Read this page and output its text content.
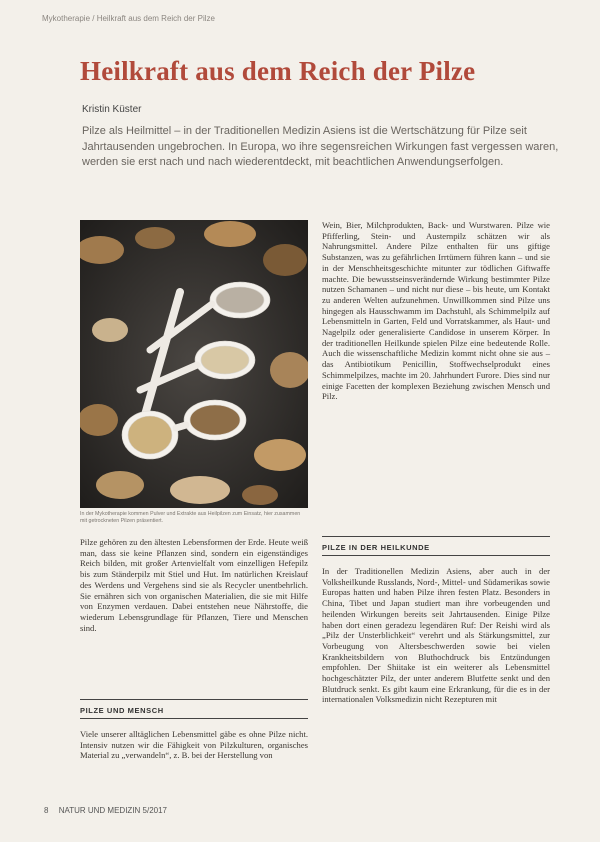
Mykotherapie / Heilkraft aus dem Reich der Pilze
Heilkraft aus dem Reich der Pilze
Kristin Küster

Pilze als Heilmittel – in der Traditionellen Medizin Asiens ist die Wertschätzung für Pilze seit Jahrtausenden ungebrochen. In Europa, wo ihre segensreichen Wirkungen fast vergessen waren, werden sie erst nach und nach wiederentdeckt, mit beachtlichen Anwendungserfolgen.

In der Mykotherapie kommen Pulver und Extrakte aus Heilpilzen zum Einsatz, hier zusammen mit getrockneten Pilzen präsentiert.

Pilze gehören zu den ältesten Lebensformen der Erde. Heute weiß man, dass sie keine Pflanzen sind, sondern ein eigenständiges Reich bilden, mit großer Artenvielfalt vom einzelligen Hefepilz bis zum Ständerpilz mit Stiel und Hut. Im natürlichen Kreislauf des Werdens und Vergehens sind sie als Recycler unentbehrlich. Sie ernähren sich von organischen Materialien, die sie mit Hilfe von Enzymen verdauen. Dabei entstehen neue Nährstoffe, die wiederum Lebensgrundlage für Pflanzen, Tiere und Menschen sind.

PILZE UND MENSCH

Viele unserer alltäglichen Lebensmittel gäbe es ohne Pilze nicht. Intensiv nutzen wir die Fähigkeit von Pilzkulturen, organisches Material zu „verwandeln“, z. B. bei der Herstellung von

Wein, Bier, Milchprodukten, Back- und Wurstwaren. Pilze wie Pfifferling, Stein- und Austernpilz schätzen wir als Nahrungsmittel. Andere Pilze enthalten für uns giftige Substanzen, was zu gefährlichen Irrtümern führen kann – und sie in der Menschheitsgeschichte mitunter zur tödlichen Giftwaffe machte. Die bewusstseinsverändernde Wirkung bestimmter Pilze nutzen Schamanen – und nicht nur diese – bis heute, um Kontakt zu anderen Welten aufzunehmen. Unwillkommen sind Pilze uns hingegen als Hausschwamm im Dachstuhl, als Schimmelpilz auf Lebensmitteln in Garten, Feld und Vorratskammer, als Haut- und Nagelpilz oder generalisierte Candidose in unserem Körper. In der traditionellen Heilkunde spielen Pilze eine bedeutende Rolle. Auch die wissenschaftliche Medizin kommt nicht ohne sie aus – das Antibiotikum Penicillin, Stoffwechselprodukt eines Schimmelpilzes, machte im 20. Jahrhundert Furore. Dies sind nur einige Facetten der komplexen Beziehung zwischen Mensch und Pilz.

PILZE IN DER HEILKUNDE

In der Traditionellen Medizin Asiens, aber auch in der Volksheilkunde Russlands, Nord-, Mittel- und Südamerikas sowie Europas hatten und haben Pilze ihren festen Platz. Besonders in China, Tibet und Japan studiert man ihre vorbeugenden und heilenden Wirkungen bereits seit Jahrtausenden. Einige Pilze haben dort einen geradezu legendären Ruf: Der Reishi wird als „Pilz der Unsterblichkeit“ verehrt und als Stärkungsmittel, zur Vorbeugung von Altersbeschwerden sowie bei vielen Krankheitsbildern von Bluthochdruck bis Entzündungen empfohlen. Der Shiitake ist ein weiterer als Lebensmittel hochgeschätzter Pilz, der unter anderem Blutfette senkt und den Blutdruck senkt. Es gibt kaum eine Erkrankung, für die es in der internationalen Volksmedizin nicht Rezepturen mit

8 NATUR UND MEDIZIN 5/2017
